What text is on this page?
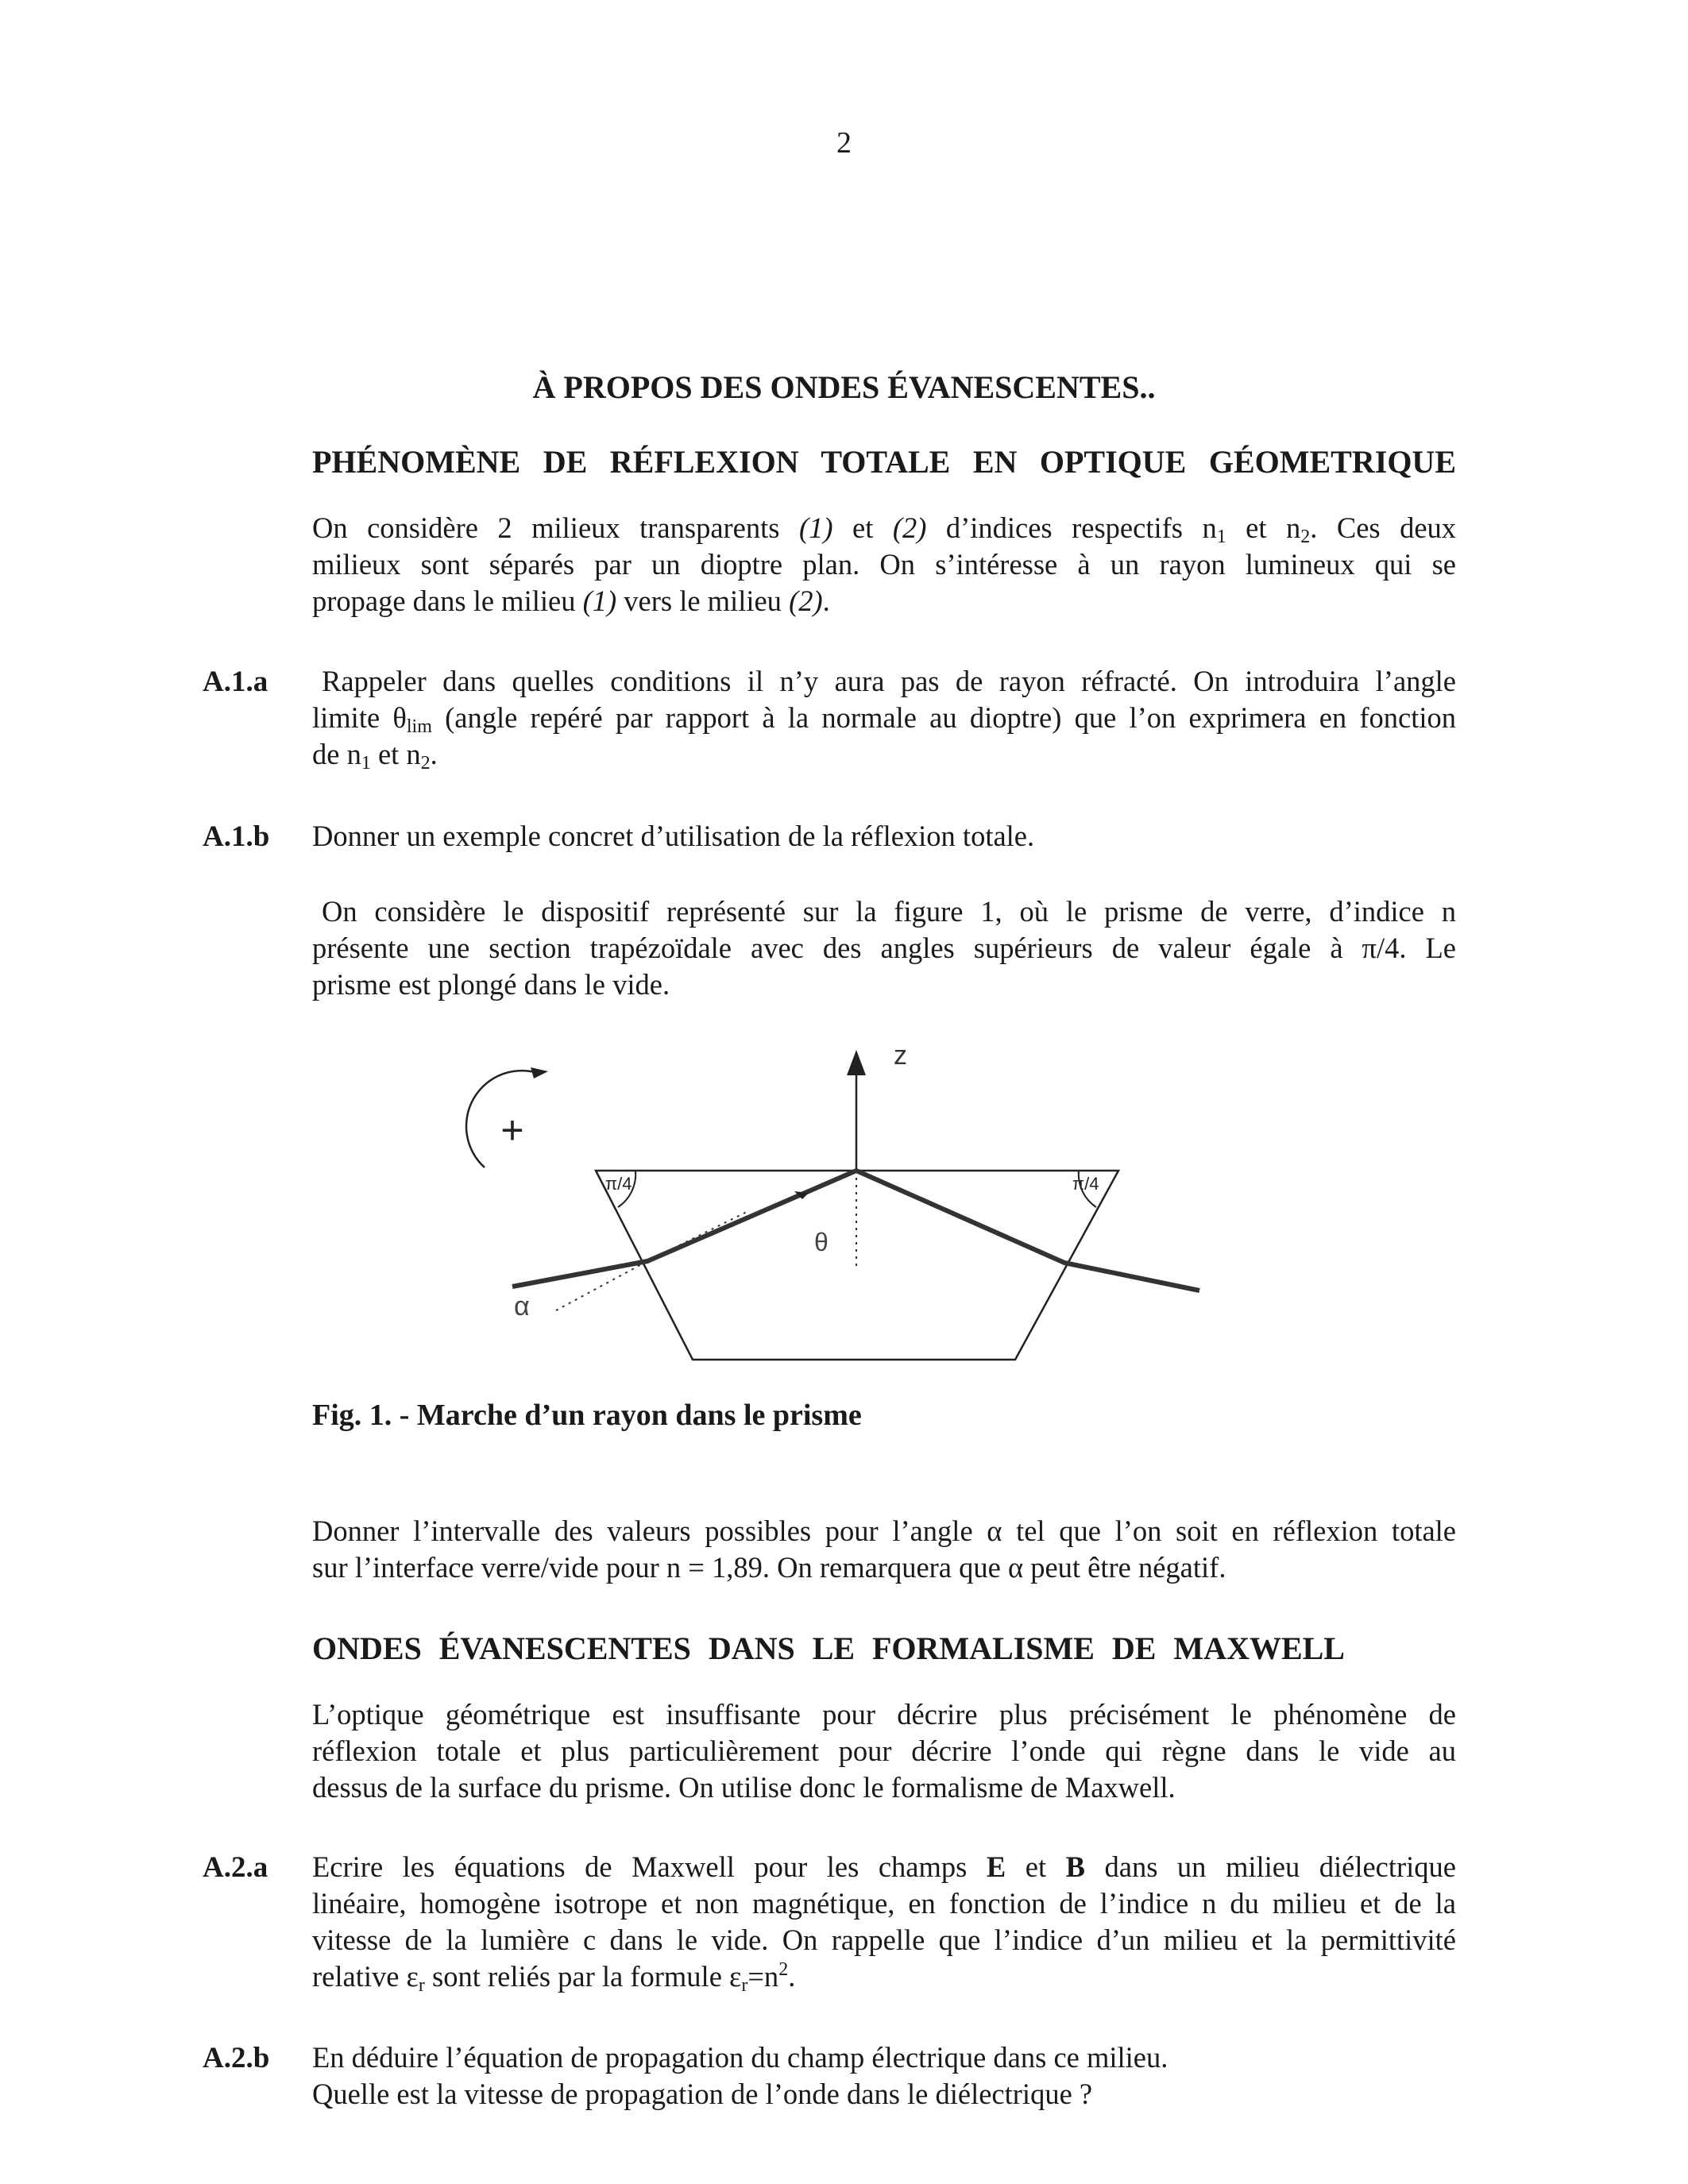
2
À PROPOS DES ONDES ÉVANESCENTES..
PHÉNOMÈNE DE RÉFLEXION TOTALE EN OPTIQUE GÉOMETRIQUE
On considère 2 milieux transparents (1) et (2) d’indices respectifs $n_1$ et $n_2$. Ces deux
milieux sont séparés par un dioptre plan. On s’intéresse à un rayon lumineux qui se
propage dans le milieu (1) vers le milieu (2).
A.1.a	Rappeler dans quelles conditions il n’y aura pas de rayon réfracté. On introduira l’angle
limite $\theta_{lim}$ (angle repéré par rapport à la normale au dioptre) que l’on exprimera en fonction
de $n_1$ et $n_2$.
A.1.b Donner un exemple concret d’utilisation de la réflexion totale.
On considère le dispositif représenté sur la figure 1, où le prisme de verre, d’indice n
présente une section trapézoïdale avec des angles supérieurs de valeur égale à π/4. Le
prisme est plongé dans le vide.
+
z
π/4	π/4
θ
α
Fig. 1. - Marche d’un rayon dans le prisme
Donner l’intervalle des valeurs possibles pour l’angle α tel que l’on soit en réflexion totale
sur l’interface verre/vide pour n = 1,89. On remarquera que α peut être négatif.
ONDES ÉVANESCENTES DANS LE FORMALISME DE MAXWELL
L’optique géométrique est insuffisante pour décrire plus précisément le phénomène de
réflexion totale et plus particulièrement pour décrire l’onde qui règne dans le vide au
dessus de la surface du prisme. On utilise donc le formalisme de Maxwell.
A.2.a Ecrire les équations de Maxwell pour les champs E et B dans un milieu diélectrique
linéaire, homogène isotrope et non magnétique, en fonction de l’indice n du milieu et de la
vitesse de la lumière c dans le vide. On rappelle que l’indice d’un milieu et la permittivité
relative $\varepsilon_r$ sont reliés par la formule $\varepsilon_r=n^2$.
A.2.b En déduire l’équation de propagation du champ électrique dans ce milieu.
Quelle est la vitesse de propagation de l’onde dans le diélectrique ?
